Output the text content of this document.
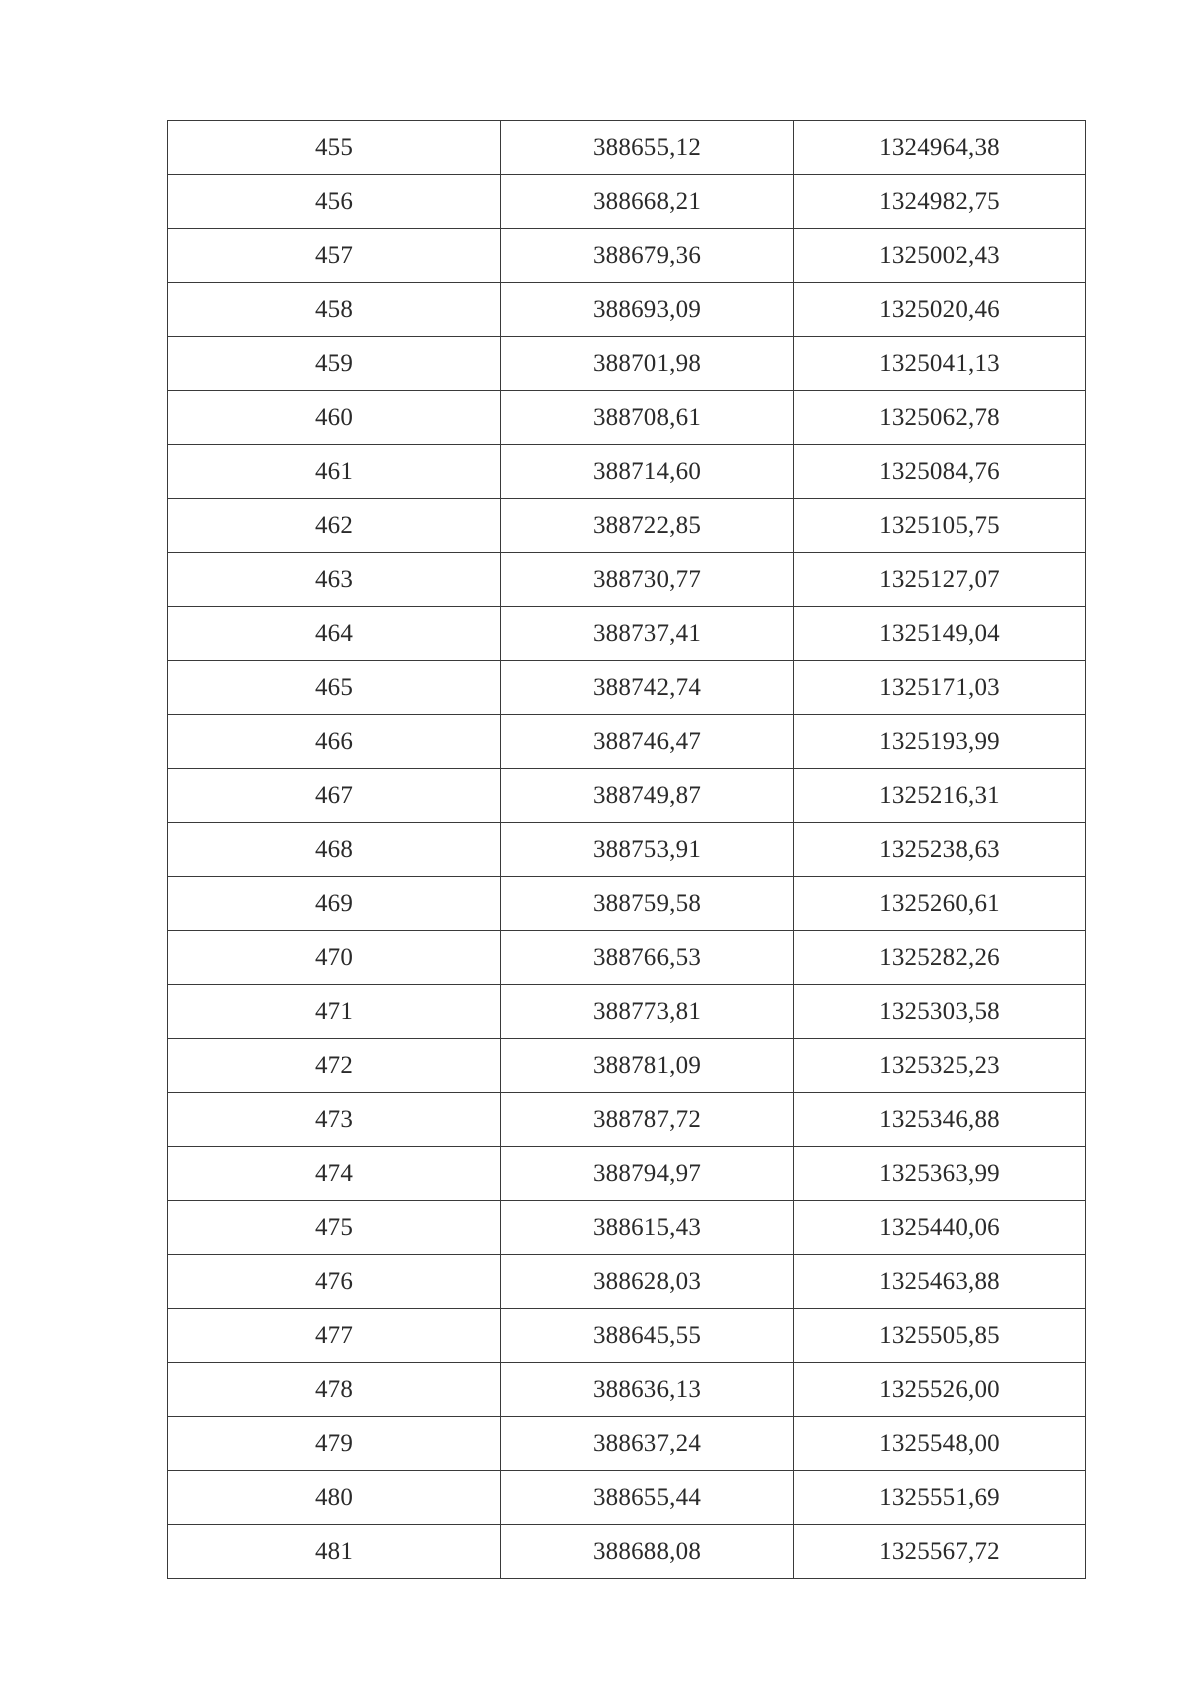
455	388655,12	1324964,38
456	388668,21	1324982,75
457	388679,36	1325002,43
458	388693,09	1325020,46
459	388701,98	1325041,13
460	388708,61	1325062,78
461	388714,60	1325084,76
462	388722,85	1325105,75
463	388730,77	1325127,07
464	388737,41	1325149,04
465	388742,74	1325171,03
466	388746,47	1325193,99
467	388749,87	1325216,31
468	388753,91	1325238,63
469	388759,58	1325260,61
470	388766,53	1325282,26
471	388773,81	1325303,58
472	388781,09	1325325,23
473	388787,72	1325346,88
474	388794,97	1325363,99
475	388615,43	1325440,06
476	388628,03	1325463,88
477	388645,55	1325505,85
478	388636,13	1325526,00
479	388637,24	1325548,00
480	388655,44	1325551,69
481	388688,08	1325567,72
